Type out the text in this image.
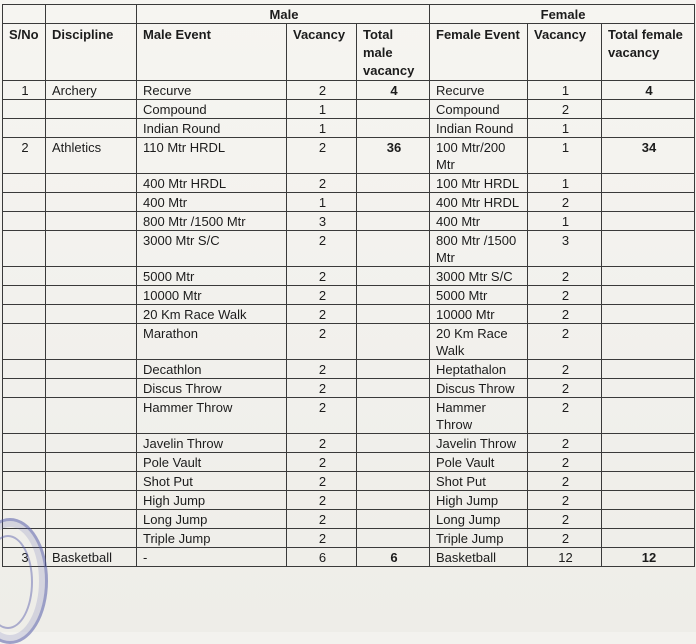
		Male			Female		
S/No	Discipline	Male Event	Vacancy	Total male vacancy	Female Event	Vacancy	Total female vacancy
1	Archery	Recurve	2	4	Recurve	1	4
		Compound	1		Compound	2	
		Indian Round	1		Indian Round	1	
2	Athletics	110 Mtr HRDL	2	36	100 Mtr/200 Mtr	1	34
		400 Mtr HRDL	2		100 Mtr HRDL	1	
		400 Mtr	1		400 Mtr HRDL	2	
		800 Mtr /1500 Mtr	3		400 Mtr	1	
		3000 Mtr S/C	2		800 Mtr /1500 Mtr	3	
		5000 Mtr	2		3000 Mtr S/C	2	
		10000 Mtr	2		5000 Mtr	2	
		20 Km Race Walk	2		10000 Mtr	2	
		Marathon	2		20 Km Race Walk	2	
		Decathlon	2		Heptathalon	2	
		Discus Throw	2		Discus Throw	2	
		Hammer Throw	2		Hammer Throw	2	
		Javelin Throw	2		Javelin Throw	2	
		Pole Vault	2		Pole Vault	2	
		Shot Put	2		Shot Put	2	
		High Jump	2		High Jump	2	
		Long Jump	2		Long Jump	2	
		Triple Jump	2		Triple Jump	2	
3	Basketball	-	6	6	Basketball	12	12
